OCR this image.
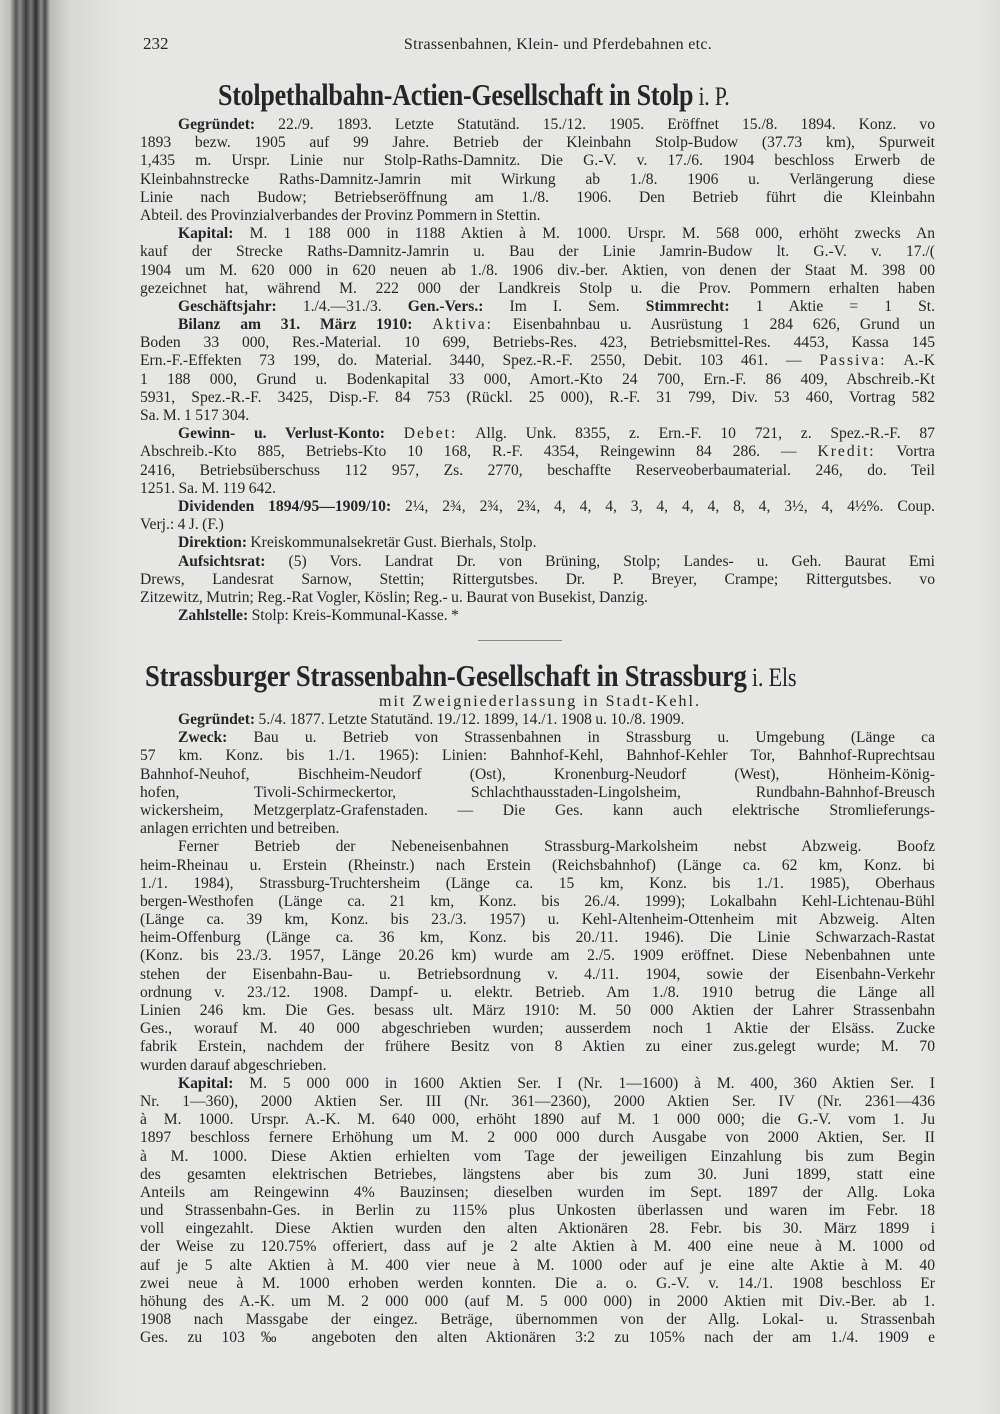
232	Strassenbahnen, Klein- und Pferdebahnen etc.
Stolpethalbahn-Actien-Gesellschaft in Stolp i. P.
Gegründet: 22./9. 1893. Letzte Statutänd. 15./12. 1905. Eröffnet 15./8. 1894. Konz. vo
1893 bezw. 1905 auf 99 Jahre. Betrieb der Kleinbahn Stolp-Budow (37.73 km), Spurweit
1,435 m. Urspr. Linie nur Stolp-Raths-Damnitz. Die G.-V. v. 17./6. 1904 beschloss Erwerb de
Kleinbahnstrecke Raths-Damnitz-Jamrin mit Wirkung ab 1./8. 1906 u. Verlängerung diese
Linie nach Budow; Betriebseröffnung am 1./8. 1906. Den Betrieb führt die Kleinbahn
Abteil. des Provinzialverbandes der Provinz Pommern in Stettin.
Kapital: M. 1 188 000 in 1188 Aktien à M. 1000. Urspr. M. 568 000, erhöht zwecks An
kauf der Strecke Raths-Damnitz-Jamrin u. Bau der Linie Jamrin-Budow lt. G.-V. v. 17./(
1904 um M. 620 000 in 620 neuen ab 1./8. 1906 div.-ber. Aktien, von denen der Staat M. 398 00
gezeichnet hat, während M. 222 000 der Landkreis Stolp u. die Prov. Pommern erhalten haben
Geschäftsjahr: 1./4.—31./3. Gen.-Vers.: Im I. Sem. Stimmrecht: 1 Aktie = 1 St.
Bilanz am 31. März 1910: Aktiva: Eisenbahnbau u. Ausrüstung 1 284 626, Grund un
Boden 33 000, Res.-Material. 10 699, Betriebs-Res. 423, Betriebsmittel-Res. 4453, Kassa 145
Ern.-F.-Effekten 73 199, do. Material. 3440, Spez.-R.-F. 2550, Debit. 103 461. — Passiva: A.-K
1 188 000, Grund u. Bodenkapital 33 000, Amort.-Kto 24 700, Ern.-F. 86 409, Abschreib.-Kt
5931, Spez.-R.-F. 3425, Disp.-F. 84 753 (Rückl. 25 000), R.-F. 31 799, Div. 53 460, Vortrag 582
Sa. M. 1 517 304.
Gewinn- u. Verlust-Konto: Debet: Allg. Unk. 8355, z. Ern.-F. 10 721, z. Spez.-R.-F. 87
Abschreib.-Kto 885, Betriebs-Kto 10 168, R.-F. 4354, Reingewinn 84 286. — Kredit: Vortra
2416, Betriebsüberschuss 112 957, Zs. 2770, beschaffte Reserveoberbaumaterial. 246, do. Teil
1251. Sa. M. 119 642.
Dividenden 1894/95—1909/10: 2¼, 2¾, 2¾, 2¾, 4, 4, 4, 3, 4, 4, 4, 8, 4, 3½, 4, 4½%. Coup.
Verj.: 4 J. (F.)
Direktion: Kreiskommunalsekretär Gust. Bierhals, Stolp.
Aufsichtsrat: (5) Vors. Landrat Dr. von Brüning, Stolp; Landes- u. Geh. Baurat Emi
Drews, Landesrat Sarnow, Stettin; Rittergutsbes. Dr. P. Breyer, Crampe; Rittergutsbes. vo
Zitzewitz, Mutrin; Reg.-Rat Vogler, Köslin; Reg.- u. Baurat von Busekist, Danzig.
Zahlstelle: Stolp: Kreis-Kommunal-Kasse. *
Strassburger Strassenbahn-Gesellschaft in Strassburg i. Els
mit Zweigniederlassung in Stadt-Kehl.
Gegründet: 5./4. 1877. Letzte Statutänd. 19./12. 1899, 14./1. 1908 u. 10./8. 1909.
Zweck: Bau u. Betrieb von Strassenbahnen in Strassburg u. Umgebung (Länge ca
57 km. Konz. bis 1./1. 1965): Linien: Bahnhof-Kehl, Bahnhof-Kehler Tor, Bahnhof-Ruprechtsau
Bahnhof-Neuhof, Bischheim-Neudorf (Ost), Kronenburg-Neudorf (West), Hönheim-König-
hofen, Tivoli-Schirmeckertor, Schlachthausstaden-Lingolsheim, Rundbahn-Bahnhof-Breusch
wickersheim, Metzgerplatz-Grafenstaden. — Die Ges. kann auch elektrische Stromlieferungs-
anlagen errichten und betreiben.
Ferner Betrieb der Nebeneisenbahnen Strassburg-Markolsheim nebst Abzweig. Boofz
heim-Rheinau u. Erstein (Rheinstr.) nach Erstein (Reichsbahnhof) (Länge ca. 62 km, Konz. bi
1./1. 1984), Strassburg-Truchtersheim (Länge ca. 15 km, Konz. bis 1./1. 1985), Oberhaus
bergen-Westhofen (Länge ca. 21 km, Konz. bis 26./4. 1999); Lokalbahn Kehl-Lichtenau-Bühl
(Länge ca. 39 km, Konz. bis 23./3. 1957) u. Kehl-Altenheim-Ottenheim mit Abzweig. Alten
heim-Offenburg (Länge ca. 36 km, Konz. bis 20./11. 1946). Die Linie Schwarzach-Rastat
(Konz. bis 23./3. 1957, Länge 20.26 km) wurde am 2./5. 1909 eröffnet. Diese Nebenbahnen unte
stehen der Eisenbahn-Bau- u. Betriebsordnung v. 4./11. 1904, sowie der Eisenbahn-Verkehr
ordnung v. 23./12. 1908. Dampf- u. elektr. Betrieb. Am 1./8. 1910 betrug die Länge all
Linien 246 km. Die Ges. besass ult. März 1910: M. 50 000 Aktien der Lahrer Strassenbahn
Ges., worauf M. 40 000 abgeschrieben wurden; ausserdem noch 1 Aktie der Elsäss. Zucke
fabrik Erstein, nachdem der frühere Besitz von 8 Aktien zu einer zus.gelegt wurde; M. 70
wurden darauf abgeschrieben.
Kapital: M. 5 000 000 in 1600 Aktien Ser. I (Nr. 1—1600) à M. 400, 360 Aktien Ser. I
Nr. 1—360), 2000 Aktien Ser. III (Nr. 361—2360), 2000 Aktien Ser. IV (Nr. 2361—436
à M. 1000. Urspr. A.-K. M. 640 000, erhöht 1890 auf M. 1 000 000; die G.-V. vom 1. Ju
1897 beschloss fernere Erhöhung um M. 2 000 000 durch Ausgabe von 2000 Aktien, Ser. II
à M. 1000. Diese Aktien erhielten vom Tage der jeweiligen Einzahlung bis zum Begin
des gesamten elektrischen Betriebes, längstens aber bis zum 30. Juni 1899, statt eine
Anteils am Reingewinn 4% Bauzinsen; dieselben wurden im Sept. 1897 der Allg. Loka
und Strassenbahn-Ges. in Berlin zu 115% plus Unkosten überlassen und waren im Febr. 18
voll eingezahlt. Diese Aktien wurden den alten Aktionären 28. Febr. bis 30. März 1899 i
der Weise zu 120.75% offeriert, dass auf je 2 alte Aktien à M. 400 eine neue à M. 1000 od
auf je 5 alte Aktien à M. 400 vier neue à M. 1000 oder auf je eine alte Aktie à M. 40
zwei neue à M. 1000 erhoben werden konnten. Die a. o. G.-V. v. 14./1. 1908 beschloss Er
höhung des A.-K. um M. 2 000 000 (auf M. 5 000 000) in 2000 Aktien mit Div.-Ber. ab 1.
1908 nach Massgabe der eingez. Beträge, übernommen von der Allg. Lokal- u. Strassenbah
Ges. zu 103‰ angeboten den alten Aktionären 3:2 zu 105% nach der am 1./4. 1909 e
